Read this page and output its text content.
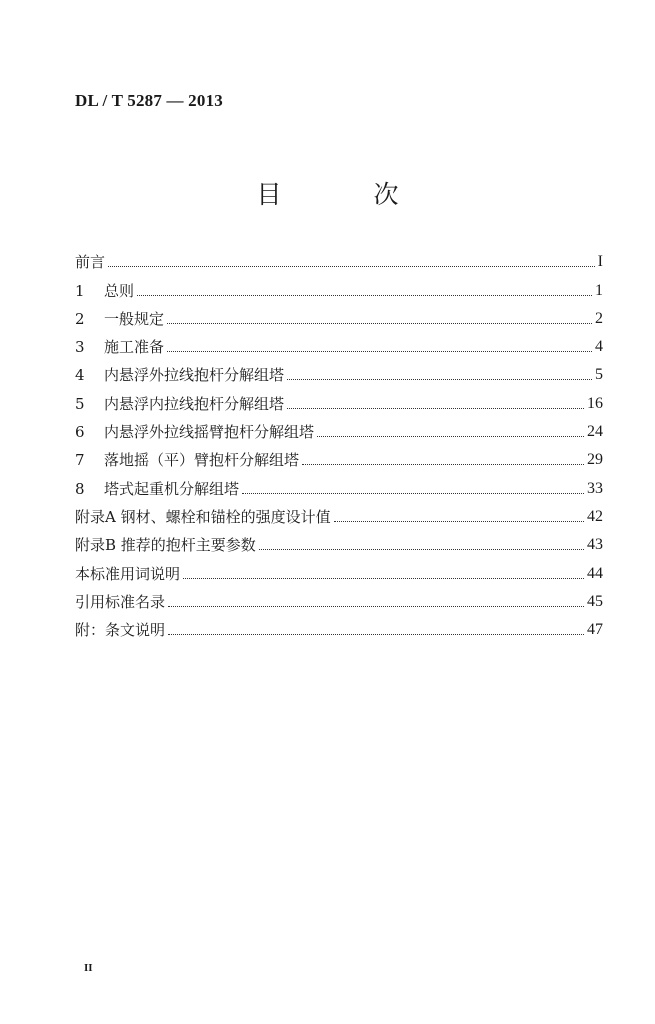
DL / T 5287 — 2013
目 次
前言	I
1 总则	1
2 一般规定	2
3 施工准备	4
4 内悬浮外拉线抱杆分解组塔	5
5 内悬浮内拉线抱杆分解组塔	16
6 内悬浮外拉线摇臂抱杆分解组塔	24
7 落地摇（平）臂抱杆分解组塔	29
8 塔式起重机分解组塔	33
附录A 钢材、螺栓和锚栓的强度设计值	42
附录B 推荐的抱杆主要参数	43
本标准用词说明	44
引用标准名录	45
附：条文说明	47
II
